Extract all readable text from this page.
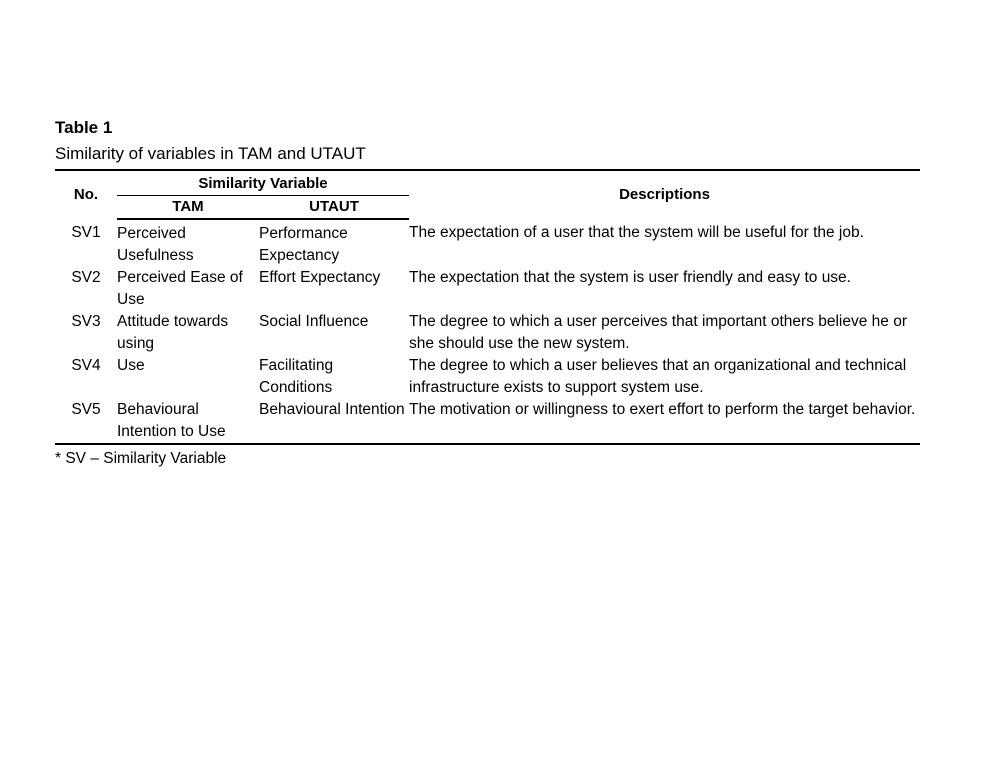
Table 1

Similarity of variables in TAM and UTAUT

No.	Similarity Variable		Descriptions
	TAM	UTAUT	
SV1	Perceived Usefulness	Performance Expectancy	The expectation of a user that the system will be useful for the job.
SV2	Perceived Ease of Use	Effort Expectancy	The expectation that the system is user friendly and easy to use.
SV3	Attitude towards using	Social Influence	The degree to which a user perceives that important others believe he or she should use the new system.
SV4	Use	Facilitating Conditions	The degree to which a user believes that an organizational and technical infrastructure exists to support system use.
SV5	Behavioural Intention to Use	Behavioural Intention	The motivation or willingness to exert effort to perform the target behavior.

* SV – Similarity Variable
